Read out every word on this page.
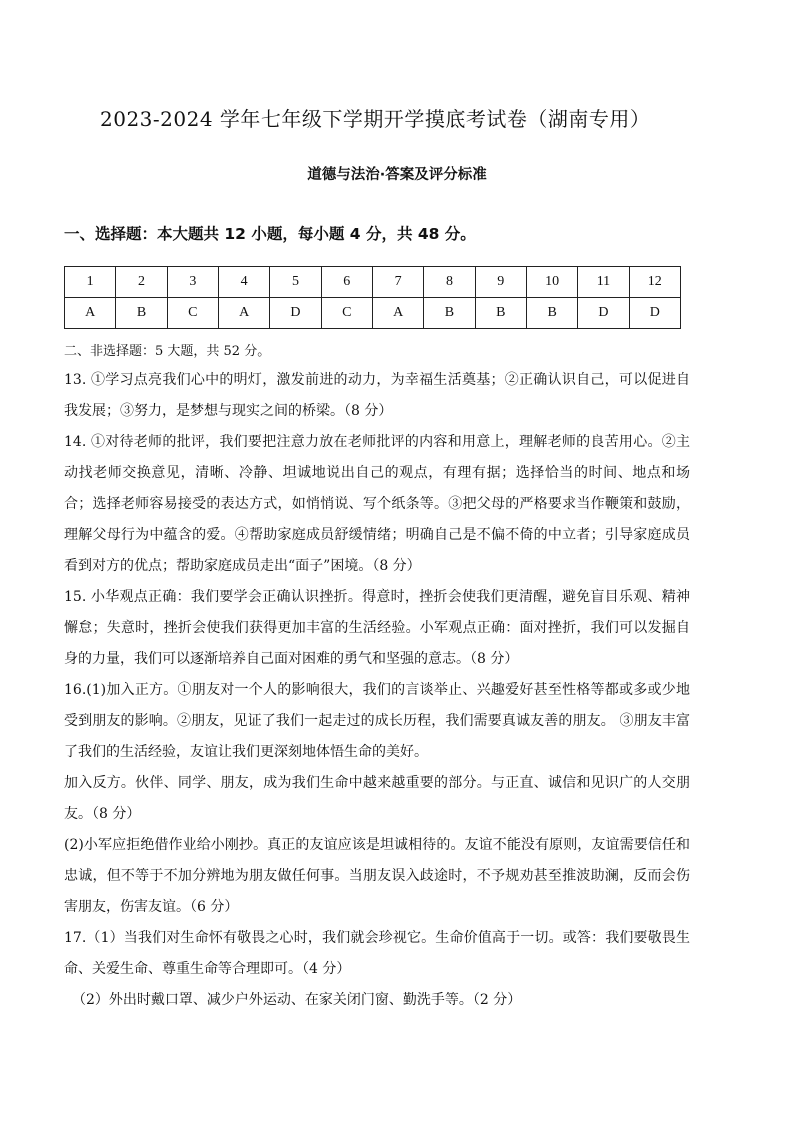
2023-2024 学年七年级下学期开学摸底考试卷（湖南专用）
道德与法治·答案及评分标准
一、选择题：本大题共 12 小题，每小题 4 分，共 48 分。
1	2	3	4	5	6	7	8	9	10	11	12
A	B	C	A	D	C	A	B	B	B	D	D
二、非选择题：5 大题，共 52 分。

13. ①学习点亮我们心中的明灯，激发前进的动力，为幸福生活奠基；②正确认识自己，可以促进自我发展；③努力，是梦想与现实之间的桥梁。（8 分）

14. ①对待老师的批评，我们要把注意力放在老师批评的内容和用意上，理解老师的良苦用心。②主动找老师交换意见，清晰、冷静、坦诚地说出自己的观点，有理有据；选择恰当的时间、地点和场合；选择老师容易接受的表达方式，如悄悄说、写个纸条等。③把父母的严格要求当作鞭策和鼓励，理解父母行为中蕴含的爱。④帮助家庭成员舒缓情绪；明确自己是不偏不倚的中立者；引导家庭成员看到对方的优点；帮助家庭成员走出“面子”困境。（8 分）

15. 小华观点正确：我们要学会正确认识挫折。得意时，挫折会使我们更清醒，避免盲目乐观、精神懈怠；失意时，挫折会使我们获得更加丰富的生活经验。小军观点正确：面对挫折，我们可以发掘自身的力量，我们可以逐渐培养自己面对困难的勇气和坚强的意志。（8 分）

16.(1)加入正方。①朋友对一个人的影响很大，我们的言谈举止、兴趣爱好甚至性格等都或多或少地受到朋友的影响。②朋友，见证了我们一起走过的成长历程，我们需要真诚友善的朋友。 ③朋友丰富了我们的生活经验，友谊让我们更深刻地体悟生命的美好。

加入反方。伙伴、同学、朋友，成为我们生命中越来越重要的部分。与正直、诚信和见识广的人交朋友。（8 分）

(2)小军应拒绝借作业给小刚抄。真正的友谊应该是坦诚相待的。友谊不能没有原则，友谊需要信任和忠诚，但不等于不加分辨地为朋友做任何事。当朋友误入歧途时，不予规劝甚至推波助澜，反而会伤害朋友，伤害友谊。（6 分）

17.（1）当我们对生命怀有敬畏之心时，我们就会珍视它。生命价值高于一切。或答：我们要敬畏生命、关爱生命、尊重生命等合理即可。（4 分）

（2）外出时戴口罩、减少户外运动、在家关闭门窗、勤洗手等。（2 分）
